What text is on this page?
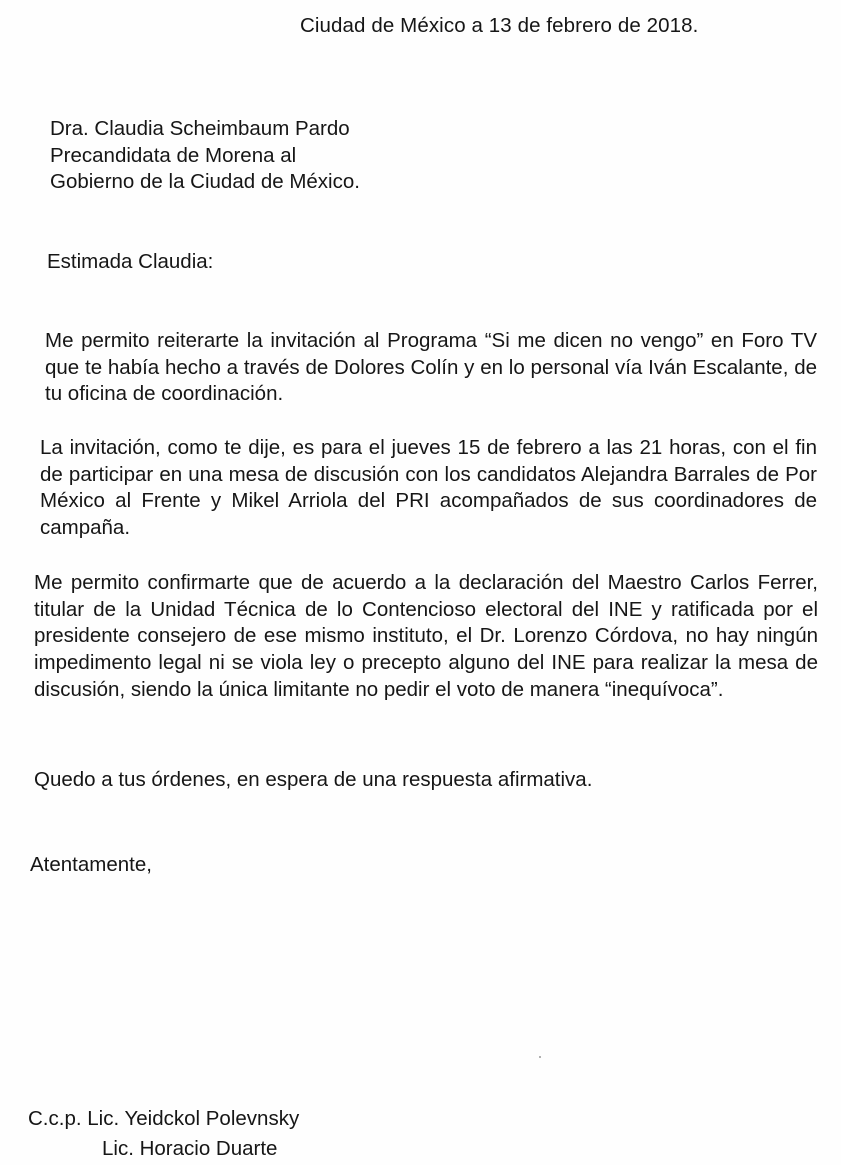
Ciudad de México a 13 de febrero de 2018.
Dra. Claudia Scheimbaum Pardo
Precandidata de Morena al
Gobierno de la Ciudad de México.
Estimada Claudia:

Me permito reiterarte la invitación al Programa “Si me dicen no vengo” en Foro TV que te había hecho a través de Dolores Colín y en lo personal vía Iván Escalante, de tu oficina de coordinación.

La invitación, como te dije, es para el jueves 15 de febrero a las 21 horas, con el fin de participar en una mesa de discusión con los candidatos Alejandra Barrales de Por México al Frente y Mikel Arriola del PRI acompañados de sus coordinadores de campaña.

Me permito confirmarte que de acuerdo a la declaración del Maestro Carlos Ferrer, titular de la Unidad Técnica de lo Contencioso electoral del INE y ratificada por el presidente consejero de ese mismo instituto, el Dr. Lorenzo Córdova, no hay ningún impedimento legal ni se viola ley o precepto alguno del INE para realizar la mesa de discusión, siendo la única limitante no pedir el voto de manera “inequívoca”.

Quedo a tus órdenes, en espera de una respuesta afirmativa.
Atentamente,
C.c.p. Lic. Yeidckol Polevnsky
Lic. Horacio Duarte
